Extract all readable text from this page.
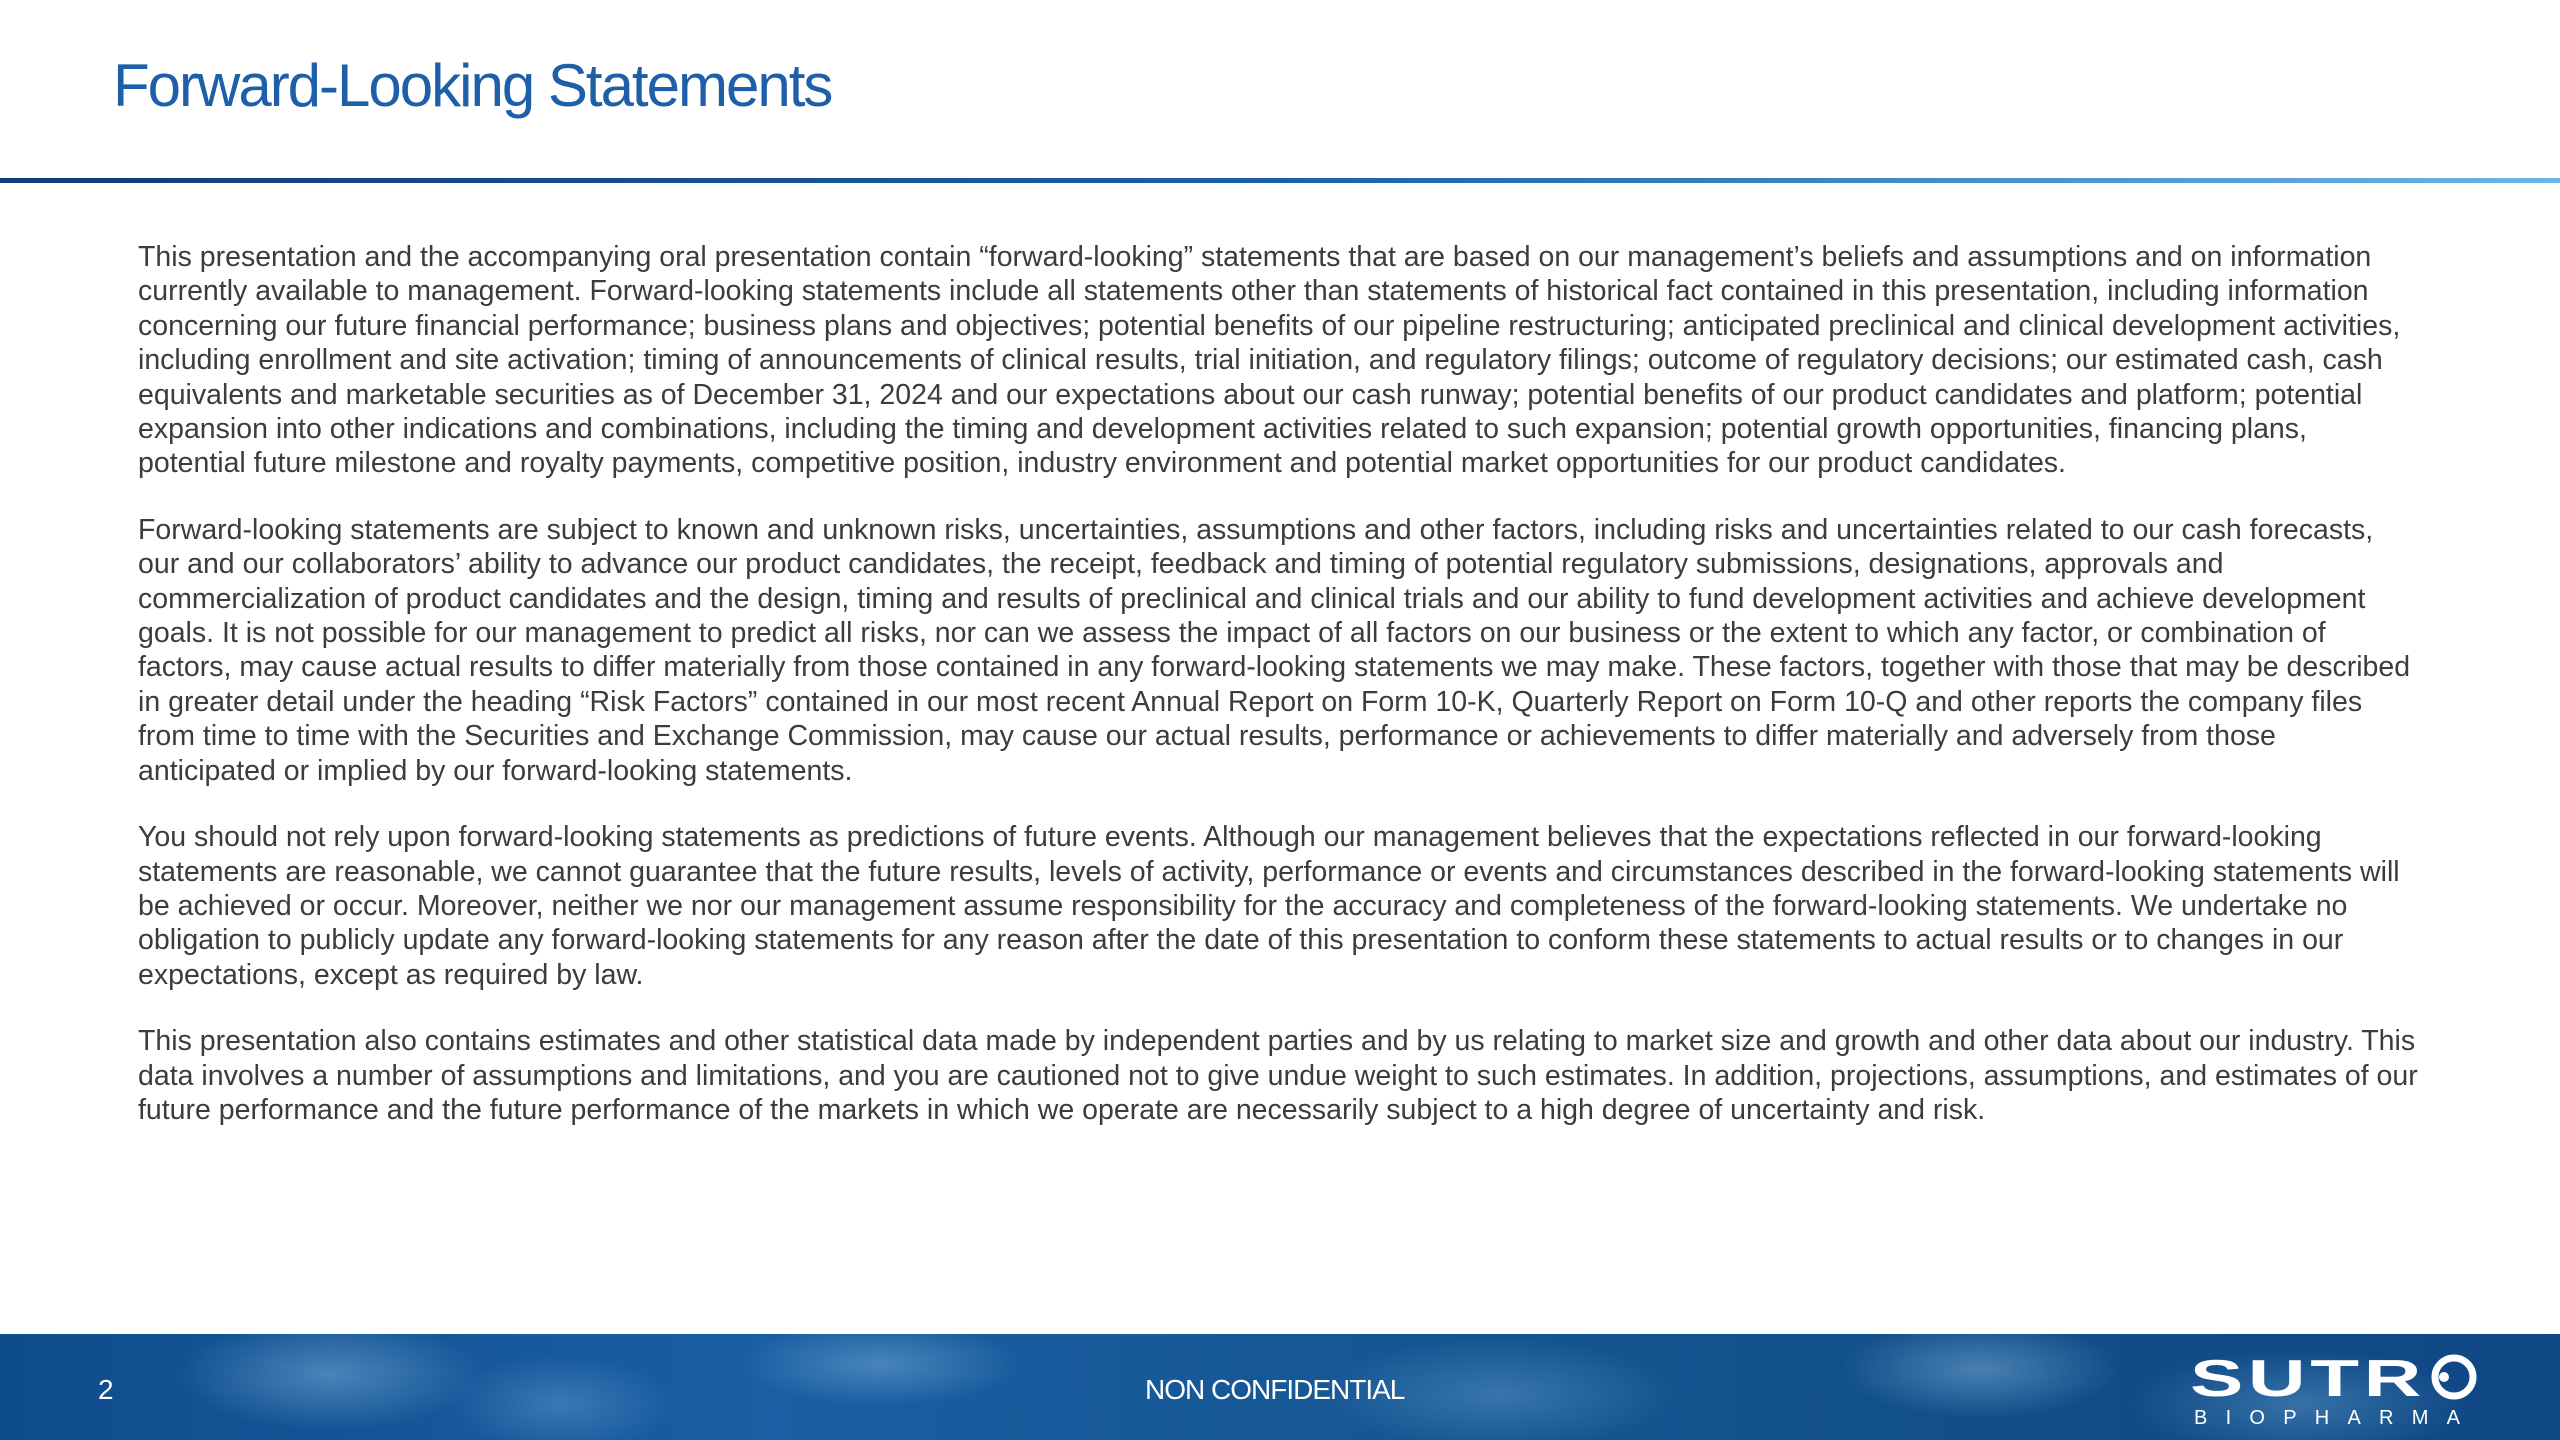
Forward-Looking Statements

This presentation and the accompanying oral presentation contain “forward-looking” statements that are based on our management’s beliefs and assumptions and on information currently available to management. Forward-looking statements include all statements other than statements of historical fact contained in this presentation, including information concerning our future financial performance; business plans and objectives; potential benefits of our pipeline restructuring; anticipated preclinical and clinical development activities, including enrollment and site activation; timing of announcements of clinical results, trial initiation, and regulatory filings; outcome of regulatory decisions; our estimated cash, cash equivalents and marketable securities as of December 31, 2024 and our expectations about our cash runway; potential benefits of our product candidates and platform; potential expansion into other indications and combinations, including the timing and development activities related to such expansion; potential growth opportunities, financing plans, potential future milestone and royalty payments, competitive position, industry environment and potential market opportunities for our product candidates.

Forward-looking statements are subject to known and unknown risks, uncertainties, assumptions and other factors, including risks and uncertainties related to our cash forecasts, our and our collaborators’ ability to advance our product candidates, the receipt, feedback and timing of potential regulatory submissions, designations, approvals and commercialization of product candidates and the design, timing and results of preclinical and clinical trials and our ability to fund development activities and achieve development goals. It is not possible for our management to predict all risks, nor can we assess the impact of all factors on our business or the extent to which any factor, or combination of factors, may cause actual results to differ materially from those contained in any forward-looking statements we may make. These factors, together with those that may be described in greater detail under the heading “Risk Factors” contained in our most recent Annual Report on Form 10-K, Quarterly Report on Form 10-Q and other reports the company files from time to time with the Securities and Exchange Commission, may cause our actual results, performance or achievements to differ materially and adversely from those anticipated or implied by our forward-looking statements.

You should not rely upon forward-looking statements as predictions of future events. Although our management believes that the expectations reflected in our forward-looking statements are reasonable, we cannot guarantee that the future results, levels of activity, performance or events and circumstances described in the forward-looking statements will be achieved or occur. Moreover, neither we nor our management assume responsibility for the accuracy and completeness of the forward-looking statements. We undertake no obligation to publicly update any forward-looking statements for any reason after the date of this presentation to conform these statements to actual results or to changes in our expectations, except as required by law.

This presentation also contains estimates and other statistical data made by independent parties and by us relating to market size and growth and other data about our industry. This data involves a number of assumptions and limitations, and you are cautioned not to give undue weight to such estimates. In addition, projections, assumptions, and estimates of our future performance and the future performance of the markets in which we operate are necessarily subject to a high degree of uncertainty and risk.

2	NON CONFIDENTIAL	SUTR
BIOPHARMA
